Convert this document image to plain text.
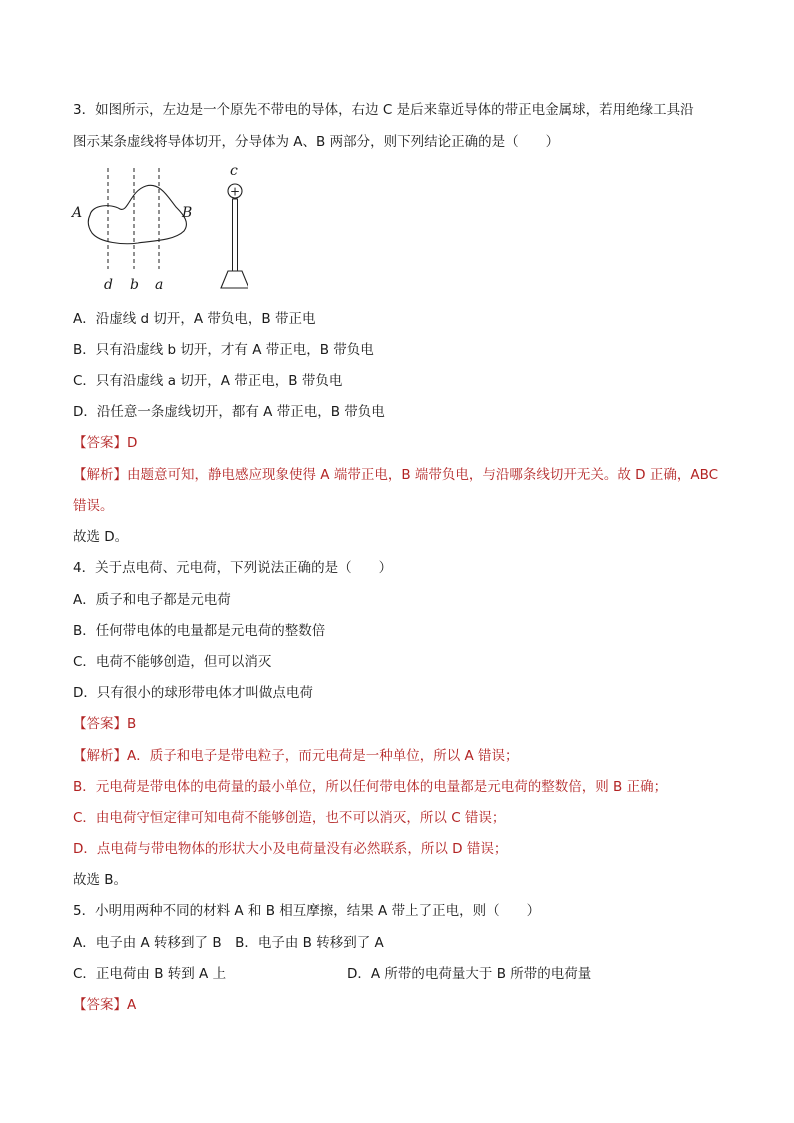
3．如图所示，左边是一个原先不带电的导体，右边 C 是后来靠近导体的带正电金属球，若用绝缘工具沿
图示某条虚线将导体切开，分导体为 A、B 两部分，则下列结论正确的是（　　）
+
A	B
c
d b a
A．沿虚线 d 切开，A 带负电，B 带正电
B．只有沿虚线 b 切开，才有 A 带正电，B 带负电
C．只有沿虚线 a 切开，A 带正电，B 带负电
D．沿任意一条虚线切开，都有 A 带正电，B 带负电
【答案】D
【解析】由题意可知，静电感应现象使得 A 端带正电，B 端带负电，与沿哪条线切开无关。故 D 正确，ABC
错误。
故选 D。
4．关于点电荷、元电荷，下列说法正确的是（　　）
A．质子和电子都是元电荷
B．任何带电体的电量都是元电荷的整数倍
C．电荷不能够创造，但可以消灭
D．只有很小的球形带电体才叫做点电荷
【答案】B
【解析】A．质子和电子是带电粒子，而元电荷是一种单位，所以 A 错误；
B．元电荷是带电体的电荷量的最小单位，所以任何带电体的电量都是元电荷的整数倍，则 B 正确；
C．由电荷守恒定律可知电荷不能够创造，也不可以消灭，所以 C 错误；
D．点电荷与带电物体的形状大小及电荷量没有必然联系，所以 D 错误；
故选 B。
5．小明用两种不同的材料 A 和 B 相互摩擦，结果 A 带上了正电，则（　　）
A．电子由 A 转移到了 B　 B．电子由 B 转移到了 A
C．正电荷由 B 转到 A 上	D．A 所带的电荷量大于 B 所带的电荷量
【答案】A
